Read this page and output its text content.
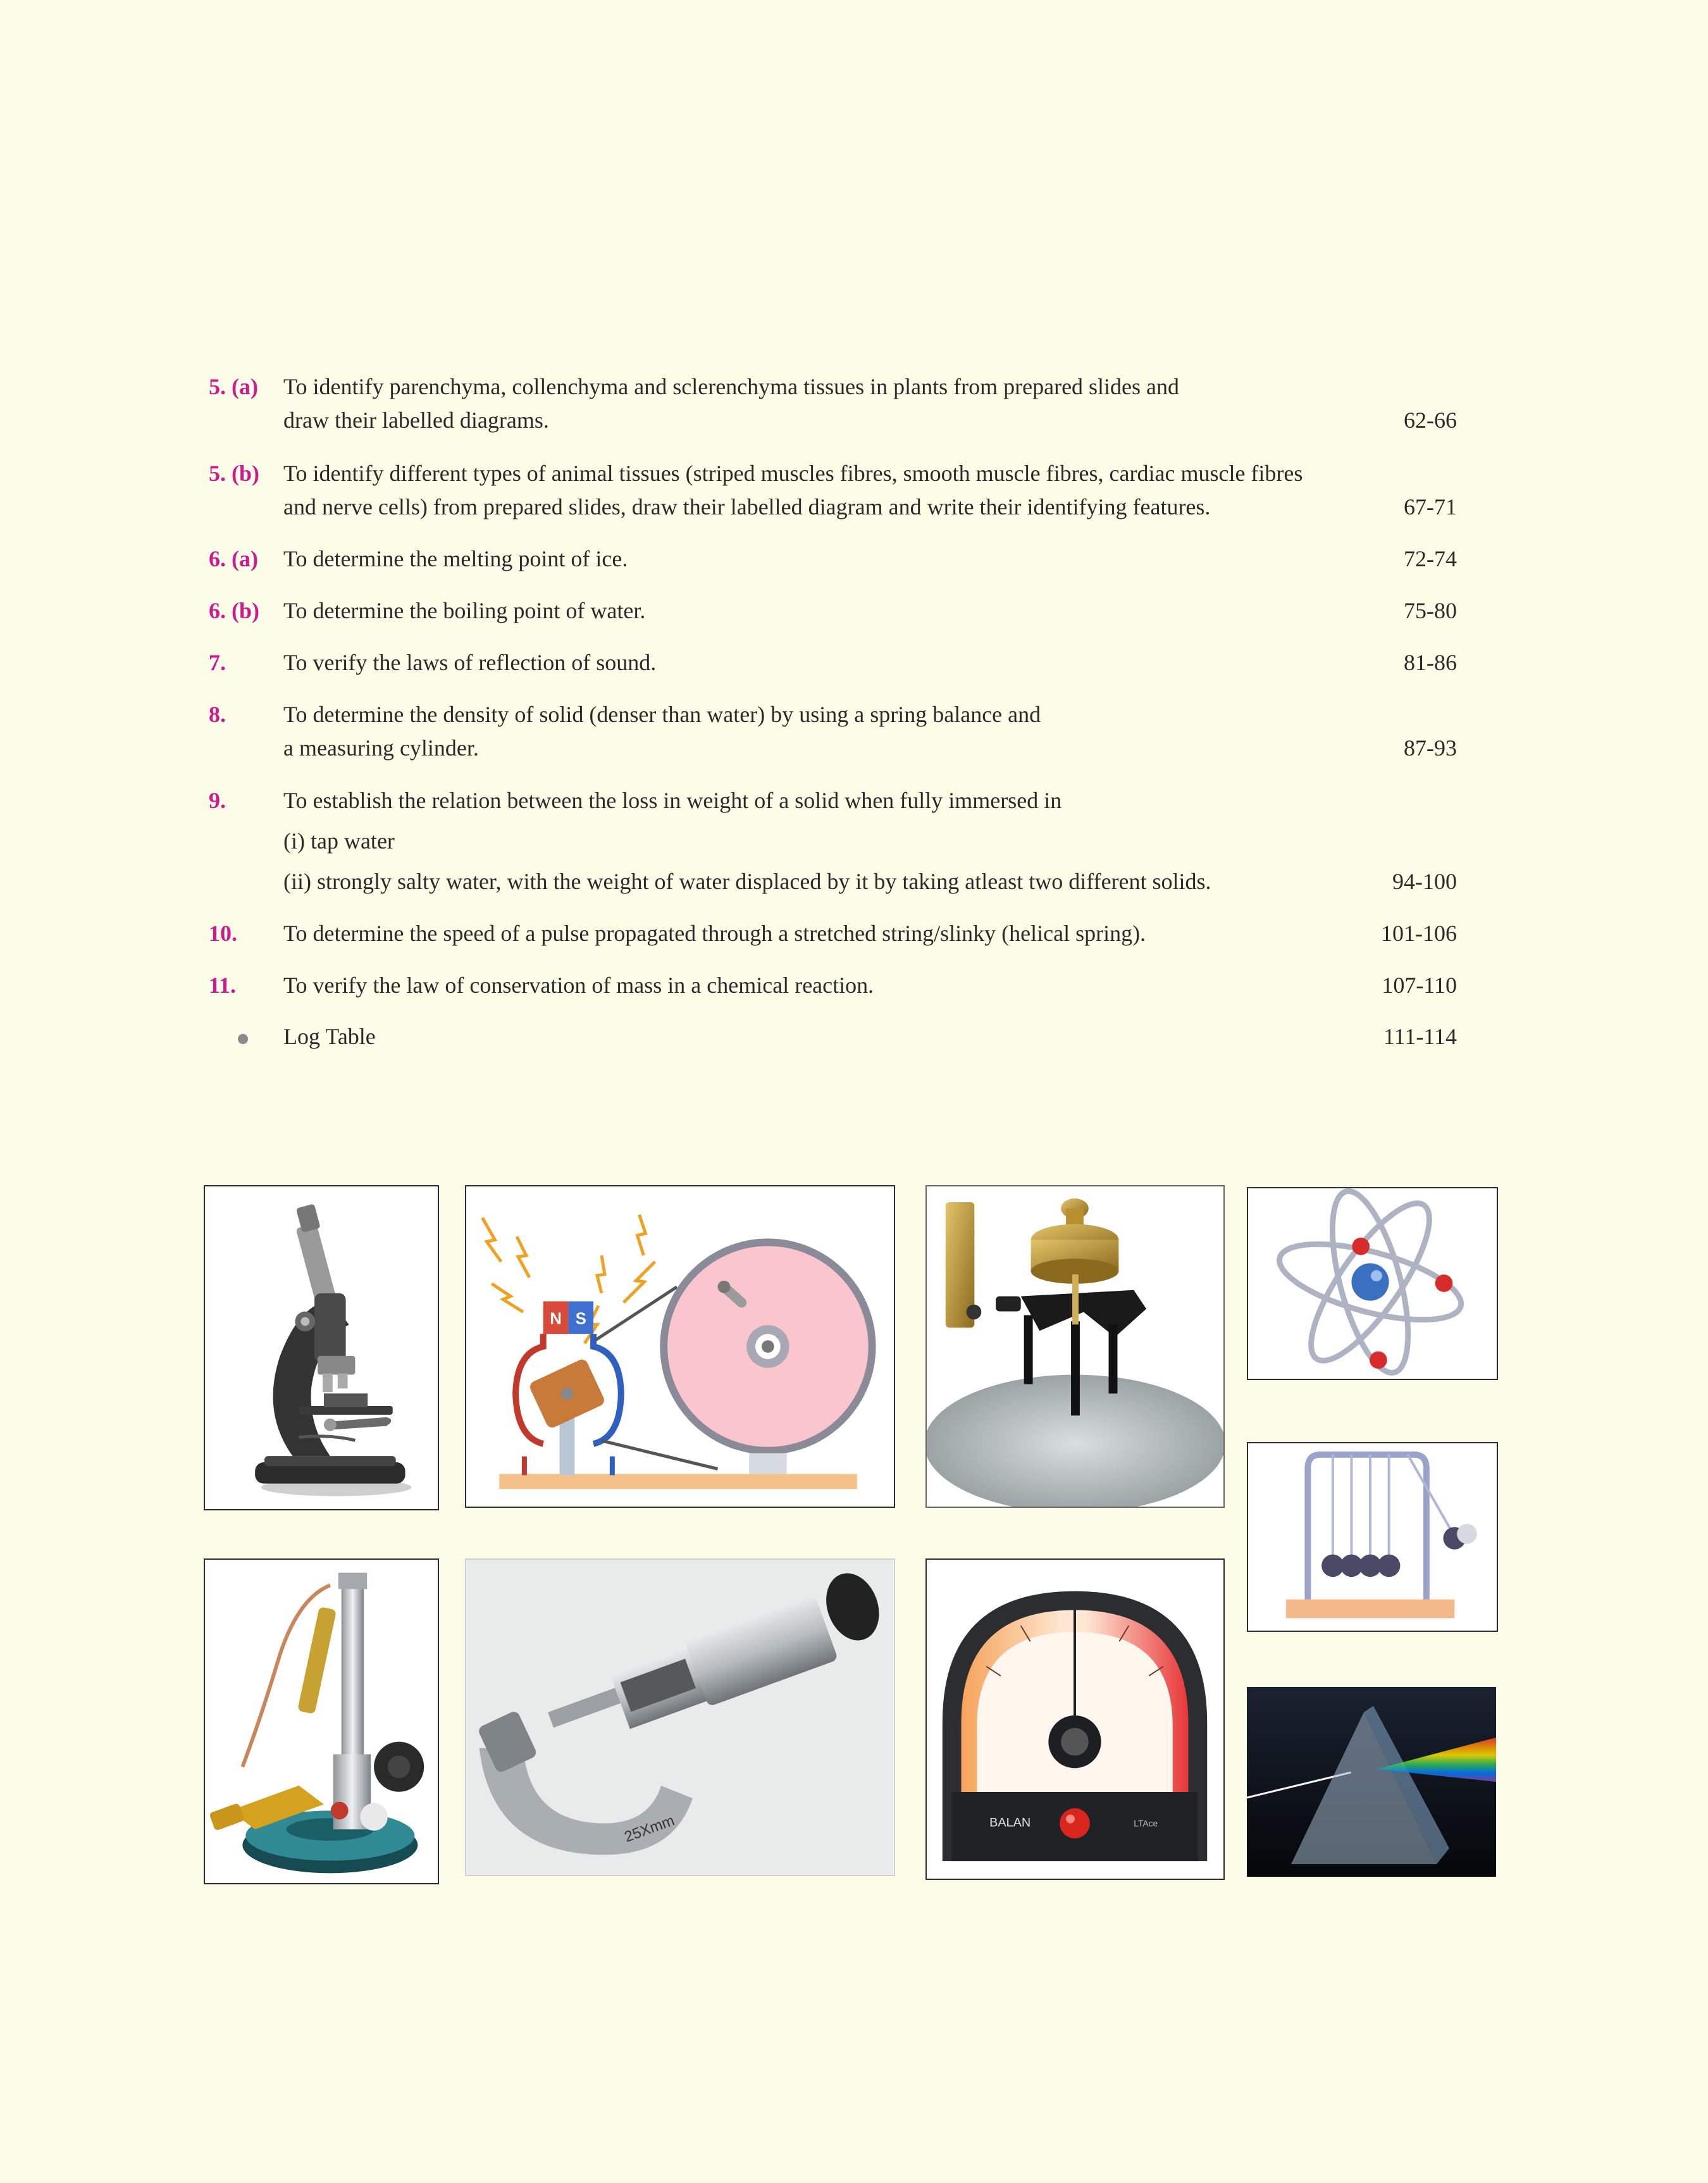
5. (a) To identify parenchyma, collenchyma and sclerenchyma tissues in plants from prepared slides and
draw their labelled diagrams.	62-66
5. (b) To identify different types of animal tissues (striped muscles fibres, smooth muscle fibres, cardiac muscle fibres
and nerve cells) from prepared slides, draw their labelled diagram and write their identifying features.	67-71
6. (a) To determine the melting point of ice.	72-74
6. (b) To determine the boiling point of water.	75-80
7.	To verify the laws of reflection of sound.	81-86
8.	To determine the density of solid (denser than water) by using a spring balance and
a measuring cylinder.	87-93
9.	To establish the relation between the loss in weight of a solid when fully immersed in
(i) tap water
(ii) strongly salty water, with the weight of water displaced by it by taking atleast two different solids.	94-100
10. To determine the speed of a pulse propagated through a stretched string/slinky (helical spring).	101-106
11. To verify the law of conservation of mass in a chemical reaction.	107-110
Log Table	111-114
N S
25Xmm	BALAN	LTAce
